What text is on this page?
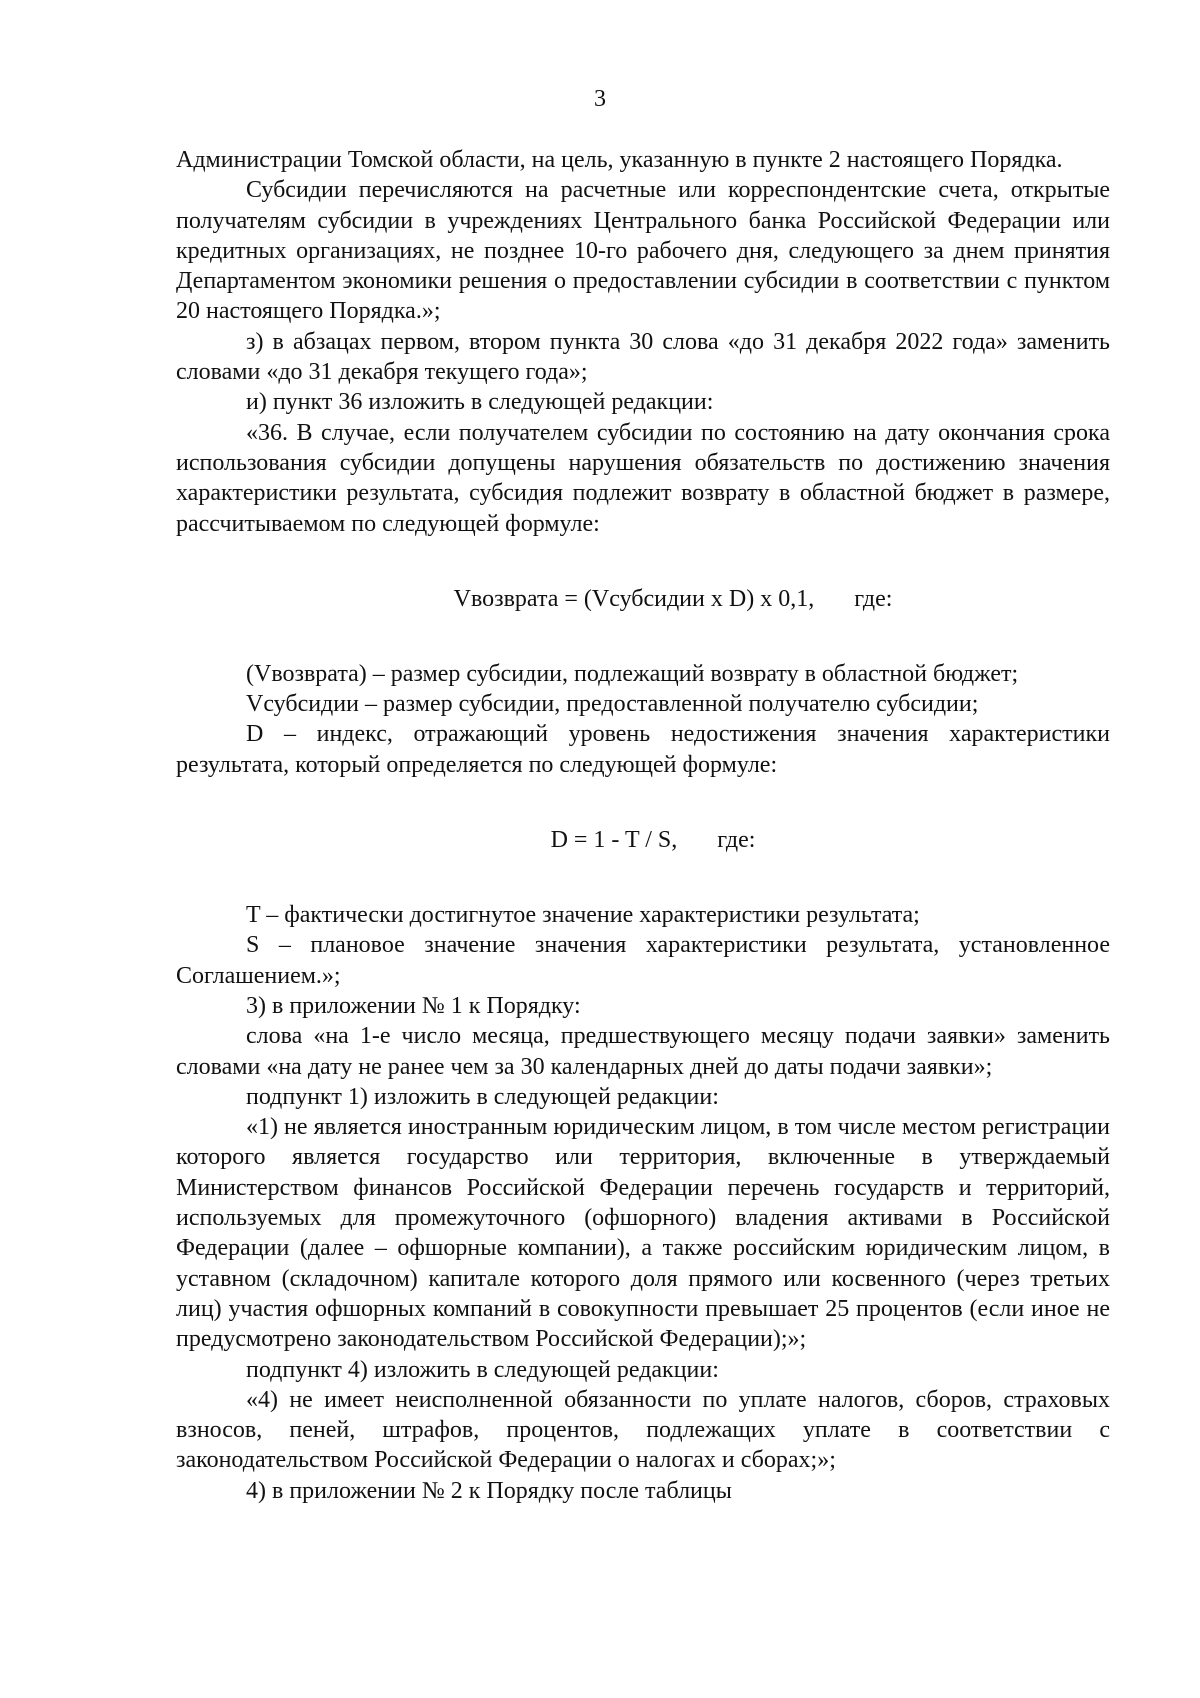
3

Администрации Томской области, на цель, указанную в пункте 2 настоящего Порядка.

Субсидии перечисляются на расчетные или корреспондентские счета, открытые получателям субсидии в учреждениях Центрального банка Российской Федерации или кредитных организациях, не позднее 10-го рабочего дня, следующего за днем принятия Департаментом экономики решения о предоставлении субсидии в соответствии с пунктом 20 настоящего Порядка.»;

з) в абзацах первом, втором пункта 30 слова «до 31 декабря 2022 года» заменить словами «до 31 декабря текущего года»;

и) пункт 36 изложить в следующей редакции:

«36. В случае, если получателем субсидии по состоянию на дату окончания срока использования субсидии допущены нарушения обязательств по достижению значения характеристики результата, субсидия подлежит возврату в областной бюджет в размере, рассчитываемом по следующей формуле:

Vвозврата = (Vсубсидии x D) x 0,1, где:

(Vвозврата) – размер субсидии, подлежащий возврату в областной бюджет;

Vсубсидии – размер субсидии, предоставленной получателю субсидии;

D – индекс, отражающий уровень недостижения значения характеристики результата, который определяется по следующей формуле:

D = 1 - T / S, где:

T – фактически достигнутое значение характеристики результата;

S – плановое значение значения характеристики результата, установленное Соглашением.»;

3) в приложении № 1 к Порядку:

слова «на 1-е число месяца, предшествующего месяцу подачи заявки» заменить словами «на дату не ранее чем за 30 календарных дней до даты подачи заявки»;

подпункт 1) изложить в следующей редакции:

«1) не является иностранным юридическим лицом, в том числе местом регистрации которого является государство или территория, включенные в утверждаемый Министерством финансов Российской Федерации перечень государств и территорий, используемых для промежуточного (офшорного) владения активами в Российской Федерации (далее – офшорные компании), а также российским юридическим лицом, в уставном (складочном) капитале которого доля прямого или косвенного (через третьих лиц) участия офшорных компаний в совокупности превышает 25 процентов (если иное не предусмотрено законодательством Российской Федерации);»;

подпункт 4) изложить в следующей редакции:

«4) не имеет неисполненной обязанности по уплате налогов, сборов, страховых взносов, пеней, штрафов, процентов, подлежащих уплате в соответствии с законодательством Российской Федерации о налогах и сборах;»;

4) в приложении № 2 к Порядку после таблицы
